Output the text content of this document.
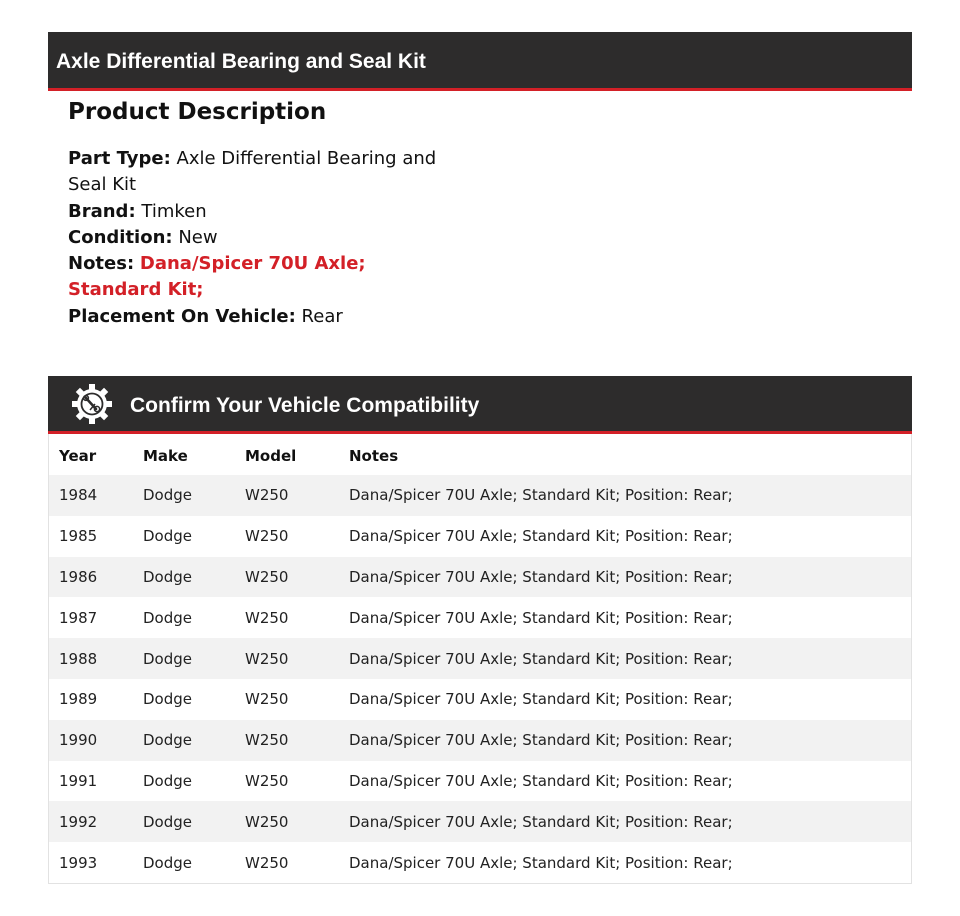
Axle Differential Bearing and Seal Kit
Product Description

Part Type: Axle Differential Bearing and Seal Kit

Brand: Timken

Condition: New

Notes: Dana/Spicer 70U Axle; Standard Kit;

Placement On Vehicle: Rear

Confirm Your Vehicle Compatibility
Year	Make	Model	Notes
1984	Dodge	W250	Dana/Spicer 70U Axle; Standard Kit; Position: Rear;
1985	Dodge	W250	Dana/Spicer 70U Axle; Standard Kit; Position: Rear;
1986	Dodge	W250	Dana/Spicer 70U Axle; Standard Kit; Position: Rear;
1987	Dodge	W250	Dana/Spicer 70U Axle; Standard Kit; Position: Rear;
1988	Dodge	W250	Dana/Spicer 70U Axle; Standard Kit; Position: Rear;
1989	Dodge	W250	Dana/Spicer 70U Axle; Standard Kit; Position: Rear;
1990	Dodge	W250	Dana/Spicer 70U Axle; Standard Kit; Position: Rear;
1991	Dodge	W250	Dana/Spicer 70U Axle; Standard Kit; Position: Rear;
1992	Dodge	W250	Dana/Spicer 70U Axle; Standard Kit; Position: Rear;
1993	Dodge	W250	Dana/Spicer 70U Axle; Standard Kit; Position: Rear;
